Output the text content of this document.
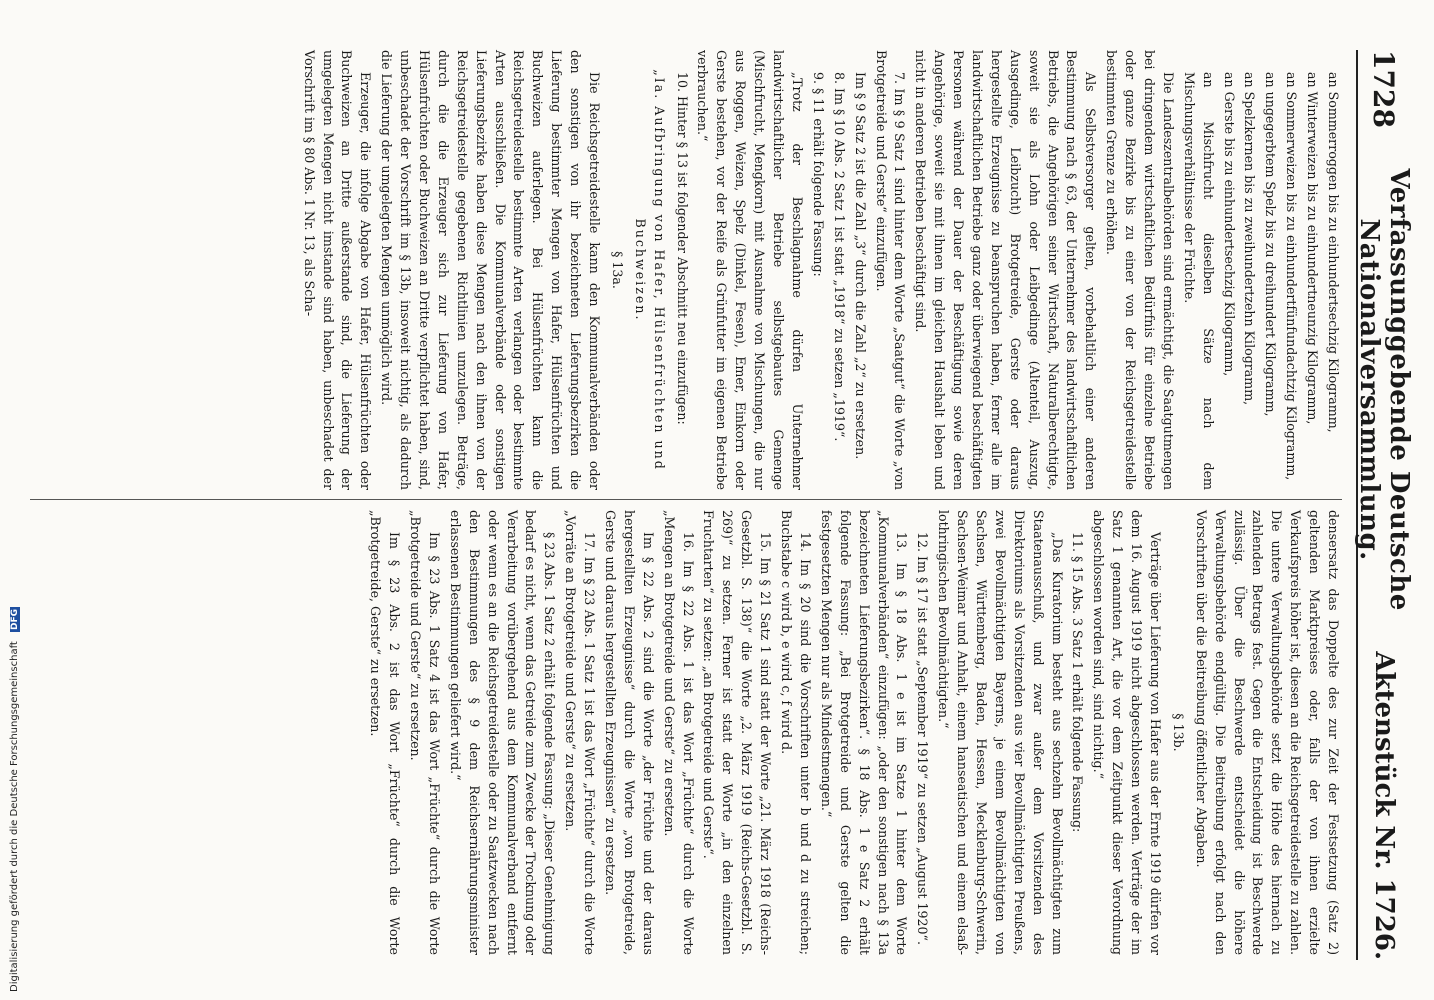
1728
Verfassunggebende Deutsche Nationalversammlung.
Aktenstück Nr. 1726.

an Sommerroggen bis zu einhundertsechzig Kilogramm,

an Winterweizen bis zu einhundertneunzig Kilogramm,

an Sommerweizen bis zu einhundertfünfundachtzig Kilogramm,

an ungegerbtem Spelz bis zu dreihundert Kilogramm,

an Spelzkernen bis zu zweihundertzehn Kilogramm,

an Gerste bis zu einhundertsechzig Kilogramm,

an Mischfrucht dieselben Sätze nach dem Mischungsverhältnisse der Früchte.

Die Landeszentralbehörden sind ermächtigt, die Saatgutmengen bei dringendem wirtschaftlichen Bedürfnis für einzelne Betriebe oder ganze Bezirke bis zu einer von der Reichsgetreidestelle bestimmten Grenze zu erhöhen.

Als Selbstversorger gelten, vorbehaltlich einer anderen Bestimmung nach § 63, der Unternehmer des landwirtschaftlichen Betriebs, die Angehörigen seiner Wirtschaft, Naturalberechtigte, soweit sie als Lohn oder Leibgedinge (Altenteil, Auszug, Ausgedinge, Leibzucht) Brotgetreide, Gerste oder daraus hergestellte Erzeugnisse zu beanspruchen haben, ferner alle im landwirtschaftlichen Betriebe ganz oder überwiegend beschäftigten Personen während der Dauer der Beschäftigung sowie deren Angehörige, soweit sie mit ihnen im gleichen Haushalt leben und nicht in anderen Betrieben beschäftigt sind.

7. Im § 9 Satz 1 sind hinter dem Worte „Saatgut“ die Worte „von Brotgetreide und Gerste“ einzufügen.

Im § 9 Satz 2 ist die Zahl „3“ durch die Zahl „2“ zu ersetzen.

8. Im § 10 Abs. 2 Satz 1 ist statt „1918“ zu setzen „1919“.

9. § 11 erhält folgende Fassung:

„Trotz der Beschlagnahme dürfen Unternehmer landwirtschaftlicher Betriebe selbstgebautes Gemenge (Mischfrucht, Mengkorn) mit Ausnahme von Mischungen, die nur aus Roggen, Weizen, Spelz (Dinkel, Fesen), Emer, Einkorn oder Gerste bestehen, vor der Reife als Grünfutter im eigenen Betriebe verbrauchen.“

10. Hinter § 13 ist folgender Abschnitt neu einzufügen:

„Ia. Aufbringung von Hafer, Hülsenfrüchten und Buchweizen.

§ 13a.

Die Reichsgetreidestelle kann den Kommunalverbänden oder den sonstigen von ihr bezeichneten Lieferungsbezirken die Lieferung bestimmter Mengen von Hafer, Hülsenfrüchten und Buchweizen auferlegen. Bei Hülsenfrüchten kann die Reichsgetreidestelle bestimmte Arten verlangen oder bestimmte Arten ausschließen. Die Kommunalverbände oder sonstigen Lieferungsbezirke haben diese Mengen nach den ihnen von der Reichsgetreidestelle gegebenen Richtlinien umzulegen. Beträge, durch die die Erzeuger sich zur Lieferung von Hafer, Hülsenfrüchten oder Buchweizen an Dritte verpflichtet haben, sind, unbeschadet der Vorschrift im § 13b, insoweit nichtig, als dadurch die Lieferung der umgelegten Mengen unmöglich wird.

Erzeuger, die infolge Abgabe von Hafer, Hülsenfrüchten oder Buchweizen an Dritte außerstande sind, die Lieferung der umgelegten Mengen nicht imstande sind haben, unbeschadet der Vorschrift im § 80 Abs. 1 Nr. 13, als Scha-

densersatz das Doppelte des zur Zeit der Festsetzung (Satz 2) geltenden Marktpreises oder, falls der von ihnen erzielte Verkaufspreis höher ist, diesen an die Reichsgetreidestelle zu zahlen. Die untere Verwaltungsbehörde setzt die Höhe des hiernach zu zahlenden Betrags fest. Gegen die Entscheidung ist Beschwerde zulässig. Über die Beschwerde entscheidet die höhere Verwaltungsbehörde endgültig. Die Beitreibung erfolgt nach den Vorschriften über die Beitreibung öffentlicher Abgaben.

§ 13b.

Verträge über Lieferung von Hafer aus der Ernte 1919 dürfen vor dem 16. August 1919 nicht abgeschlossen werden. Verträge der im Satz 1 genannten Art, die vor dem Zeitpunkt dieser Verordnung abgeschlossen worden sind, sind nichtig.“

11. § 15 Abs. 3 Satz 1 erhält folgende Fassung:

„Das Kuratorium besteht aus sechzehn Bevollmächtigten zum Staatenausschuß, und zwar außer dem Vorsitzenden des Direktoriums als Vorsitzenden aus vier Bevollmächtigten Preußens, zwei Bevollmächtigten Bayerns, je einem Bevollmächtigten von Sachsen, Württemberg, Baden, Hessen, Mecklenburg-Schwerin, Sachsen-Weimar und Anhalt, einem hanseatischen und einem elsaß-lothringischen Bevollmächtigten.“

12. Im § 17 ist statt „September 1919“ zu setzen „August 1920“.

13. Im § 18 Abs. 1 e ist im Satze 1 hinter dem Worte „Kommunalverbänden“ einzufügen: „oder den sonstigen nach § 13a bezeichneten Lieferungsbezirken“. § 18 Abs. 1 e Satz 2 erhält folgende Fassung: „Bei Brotgetreide und Gerste gelten die festgesetzten Mengen nur als Mindestmengen.“

14. Im § 20 sind die Vorschriften unter b und d zu streichen; Buchstabe c wird b, e wird c, f wird d.

15. Im § 21 Satz 1 sind statt der Worte „21. März 1918 (Reichs-Gesetzbl. S. 138)“ die Worte „2. März 1919 (Reichs-Gesetzbl. S. 269)“ zu setzen. Ferner ist statt der Worte „in den einzelnen Fruchtarten“ zu setzen: „an Brotgetreide und Gerste“.

16. Im § 22 Abs. 1 ist das Wort „Früchte“ durch die Worte „Mengen an Brotgetreide und Gerste“ zu ersetzen.

Im § 22 Abs. 2 sind die Worte „der Früchte und der daraus hergestellten Erzeugnisse“ durch die Worte „von Brotgetreide, Gerste und daraus hergestellten Erzeugnissen“ zu ersetzen.

17. Im § 23 Abs. 1 Satz 1 ist das Wort „Früchte“ durch die Worte „Vorräte an Brotgetreide und Gerste“ zu ersetzen.

§ 23 Abs. 1 Satz 2 erhält folgende Fassung: „Dieser Genehmigung bedarf es nicht, wenn das Getreide zum Zwecke der Trocknung oder Verarbeitung vorübergehend aus dem Kommunalverband entfernt oder wenn es an die Reichsgetreidestelle oder zu Saatzwecken nach den Bestimmungen des § 9 dem Reichsernährungsminister erlassenen Bestimmungen geliefert wird.“

Im § 23 Abs. 1 Satz 4 ist das Wort „Früchte“ durch die Worte „Brotgetreide und Gerste“ zu ersetzen.

Im § 23 Abs. 2 ist das Wort „Früchte“ durch die Worte „Brotgetreide, Gerste“ zu ersetzen.

Digitalisierung gefördert durch die Deutsche Forschungsgemeinschaft DFG
